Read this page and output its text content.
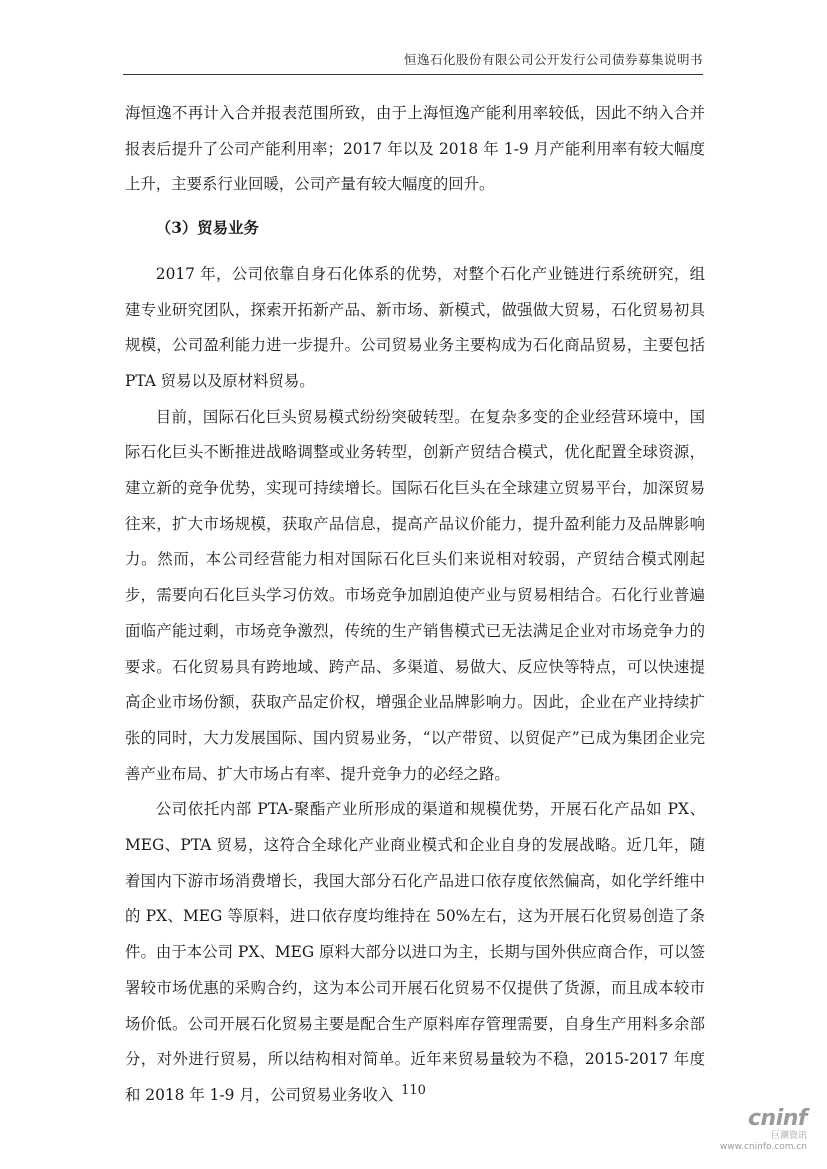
恒逸石化股份有限公司公开发行公司债券募集说明书

海恒逸不再计入合并报表范围所致，由于上海恒逸产能利用率较低，因此不纳入合并报表后提升了公司产能利用率；2017 年以及 2018 年 1-9 月产能利用率有较大幅度上升，主要系行业回暖，公司产量有较大幅度的回升。

（3）贸易业务

2017 年，公司依靠自身石化体系的优势，对整个石化产业链进行系统研究，组建专业研究团队，探索开拓新产品、新市场、新模式，做强做大贸易，石化贸易初具规模，公司盈利能力进一步提升。公司贸易业务主要构成为石化商品贸易，主要包括 PTA 贸易以及原材料贸易。

目前，国际石化巨头贸易模式纷纷突破转型。在复杂多变的企业经营环境中，国际石化巨头不断推进战略调整或业务转型，创新产贸结合模式，优化配置全球资源，建立新的竞争优势，实现可持续增长。国际石化巨头在全球建立贸易平台，加深贸易往来，扩大市场规模，获取产品信息，提高产品议价能力，提升盈利能力及品牌影响力。然而，本公司经营能力相对国际石化巨头们来说相对较弱，产贸结合模式刚起步，需要向石化巨头学习仿效。市场竞争加剧迫使产业与贸易相结合。石化行业普遍面临产能过剩，市场竞争激烈，传统的生产销售模式已无法满足企业对市场竞争力的要求。石化贸易具有跨地域、跨产品、多渠道、易做大、反应快等特点，可以快速提高企业市场份额，获取产品定价权，增强企业品牌影响力。因此，企业在产业持续扩张的同时，大力发展国际、国内贸易业务，“以产带贸、以贸促产”已成为集团企业完善产业布局、扩大市场占有率、提升竞争力的必经之路。

公司依托内部 PTA-聚酯产业所形成的渠道和规模优势，开展石化产品如 PX、MEG、PTA 贸易，这符合全球化产业商业模式和企业自身的发展战略。近几年，随着国内下游市场消费增长，我国大部分石化产品进口依存度依然偏高，如化学纤维中的 PX、MEG 等原料，进口依存度均维持在 50%左右，这为开展石化贸易创造了条件。由于本公司 PX、MEG 原料大部分以进口为主，长期与国外供应商合作，可以签署较市场优惠的采购合约，这为本公司开展石化贸易不仅提供了货源，而且成本较市场价低。公司开展石化贸易主要是配合生产原料库存管理需要，自身生产用料多余部分，对外进行贸易，所以结构相对简单。近年来贸易量较为不稳，2015-2017 年度和 2018 年 1-9 月，公司贸易业务收入 110
cninf
巨潮资讯
www.cninfo.com.cn
